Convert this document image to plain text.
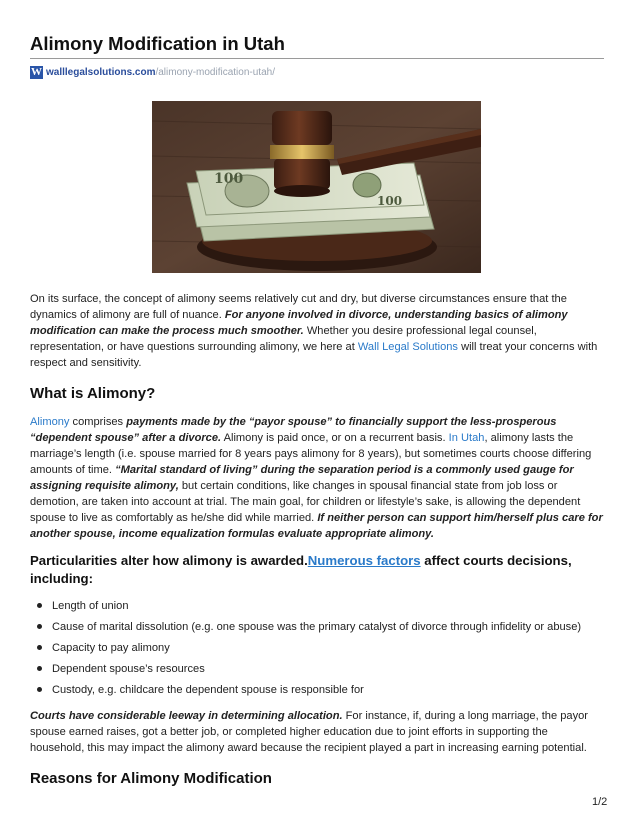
Alimony Modification in Utah
W walllegalsolutions.com /alimony-modification-utah/
100
100

On its surface, the concept of alimony seems relatively cut and dry, but diverse circumstances ensure that the dynamics of alimony are full of nuance. For anyone involved in divorce, understanding basics of alimony modification can make the process much smoother. Whether you desire professional legal counsel, representation, or have questions surrounding alimony, we here at Wall Legal Solutions will treat your concerns with respect and sensitivity.

What is Alimony?

Alimony comprises payments made by the “payor spouse” to financially support the less-prosperous “dependent spouse” after a divorce. Alimony is paid once, or on a recurrent basis. In Utah, alimony lasts the marriage’s length (i.e. spouse married for 8 years pays alimony for 8 years), but sometimes courts choose differing amounts of time. “Marital standard of living” during the separation period is a commonly used gauge for assigning requisite alimony, but certain conditions, like changes in spousal financial state from job loss or demotion, are taken into account at trial. The main goal, for children or lifestyle’s sake, is allowing the dependent spouse to live as comfortably as he/she did while married. If neither person can support him/herself plus care for another spouse, income equalization formulas evaluate appropriate alimony.

Particularities alter how alimony is awarded.Numerous factors affect courts decisions, including:
Length of union
Cause of marital dissolution (e.g. one spouse was the primary catalyst of divorce through infidelity or abuse)
Capacity to pay alimony
Dependent spouse’s resources
Custody, e.g. childcare the dependent spouse is responsible for

Courts have considerable leeway in determining allocation. For instance, if, during a long marriage, the payor spouse earned raises, got a better job, or completed higher education due to joint efforts in supporting the household, this may impact the alimony award because the recipient played a part in increasing earning potential.

Reasons for Alimony Modification
1/2
